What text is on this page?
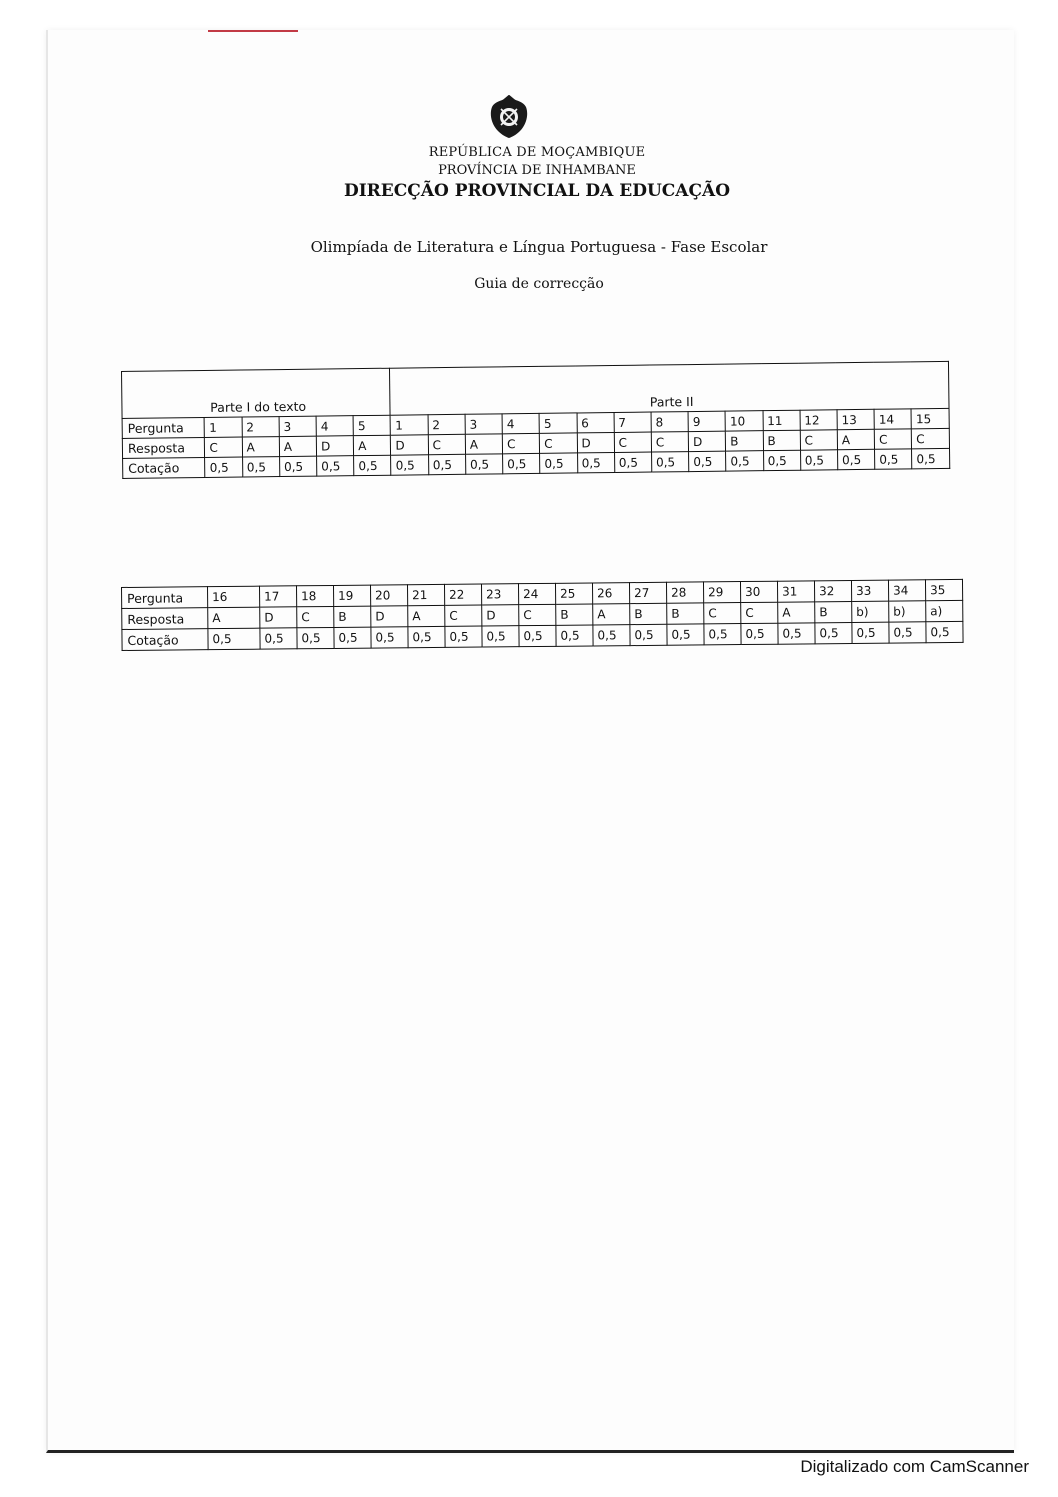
REPÚBLICA DE MOÇAMBIQUE
PROVÍNCIA DE INHAMBANE
DIRECÇÃO PROVINCIAL DA EDUCAÇÃO
Olimpíada de Literatura e Língua Portuguesa - Fase Escolar
Guia de correcção
Parte I do texto						Parte II														
Pergunta	1	2	3	4	5	1	2	3	4	5	6	7	8	9	10	11	12	13	14	15
Resposta	C	A	A	D	A	D	C	A	C	C	D	C	C	D	B	B	C	A	C	C
Cotação	0,5	0,5	0,5	0,5	0,5	0,5	0,5	0,5	0,5	0,5	0,5	0,5	0,5	0,5	0,5	0,5	0,5	0,5	0,5	0,5
Pergunta	16	17	18	19	20	21	22	23	24	25	26	27	28	29	30	31	32	33	34	35
Resposta	A	D	C	B	D	A	C	D	C	B	A	B	B	C	C	A	B	b)	b)	a)
Cotação	0,5	0,5	0,5	0,5	0,5	0,5	0,5	0,5	0,5	0,5	0,5	0,5	0,5	0,5	0,5	0,5	0,5	0,5	0,5	0,5
Digitalizado com CamScanner
